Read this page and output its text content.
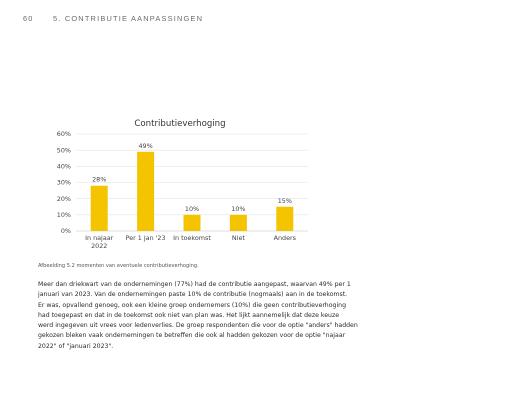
60	5. CONTRIBUTIE AANPASSINGEN
Contributieverhoging
0%
10%
20%
30%
40%
50%
60%
28%
In najaar
2022
49%
Per 1 jan '23
10%
In toekomst
10%
Niet
15%
Anders
Afbeelding 5.2 momenten van eventuele contributieverhoging.

Meer dan driekwart van de ondernemingen (77%) had de contributie aangepast, waarvan 49% per 1

januari van 2023. Van de ondernemingen paste 10% de contributie (nogmaals) aan in de toekomst.

Er was, opvallend genoeg, ook een kleine groep ondernemers (10%) die geen contributieverhoging

had toegepast en dat in de toekomst ook niet van plan was. Het lijkt aannemelijk dat deze keuze

werd ingegeven uit vrees voor ledenverlies. De groep respondenten die voor de optie "anders" hadden

gekozen bleken vaak ondernemingen te betreffen die ook al hadden gekozen voor de optie "najaar

2022" of "januari 2023".
